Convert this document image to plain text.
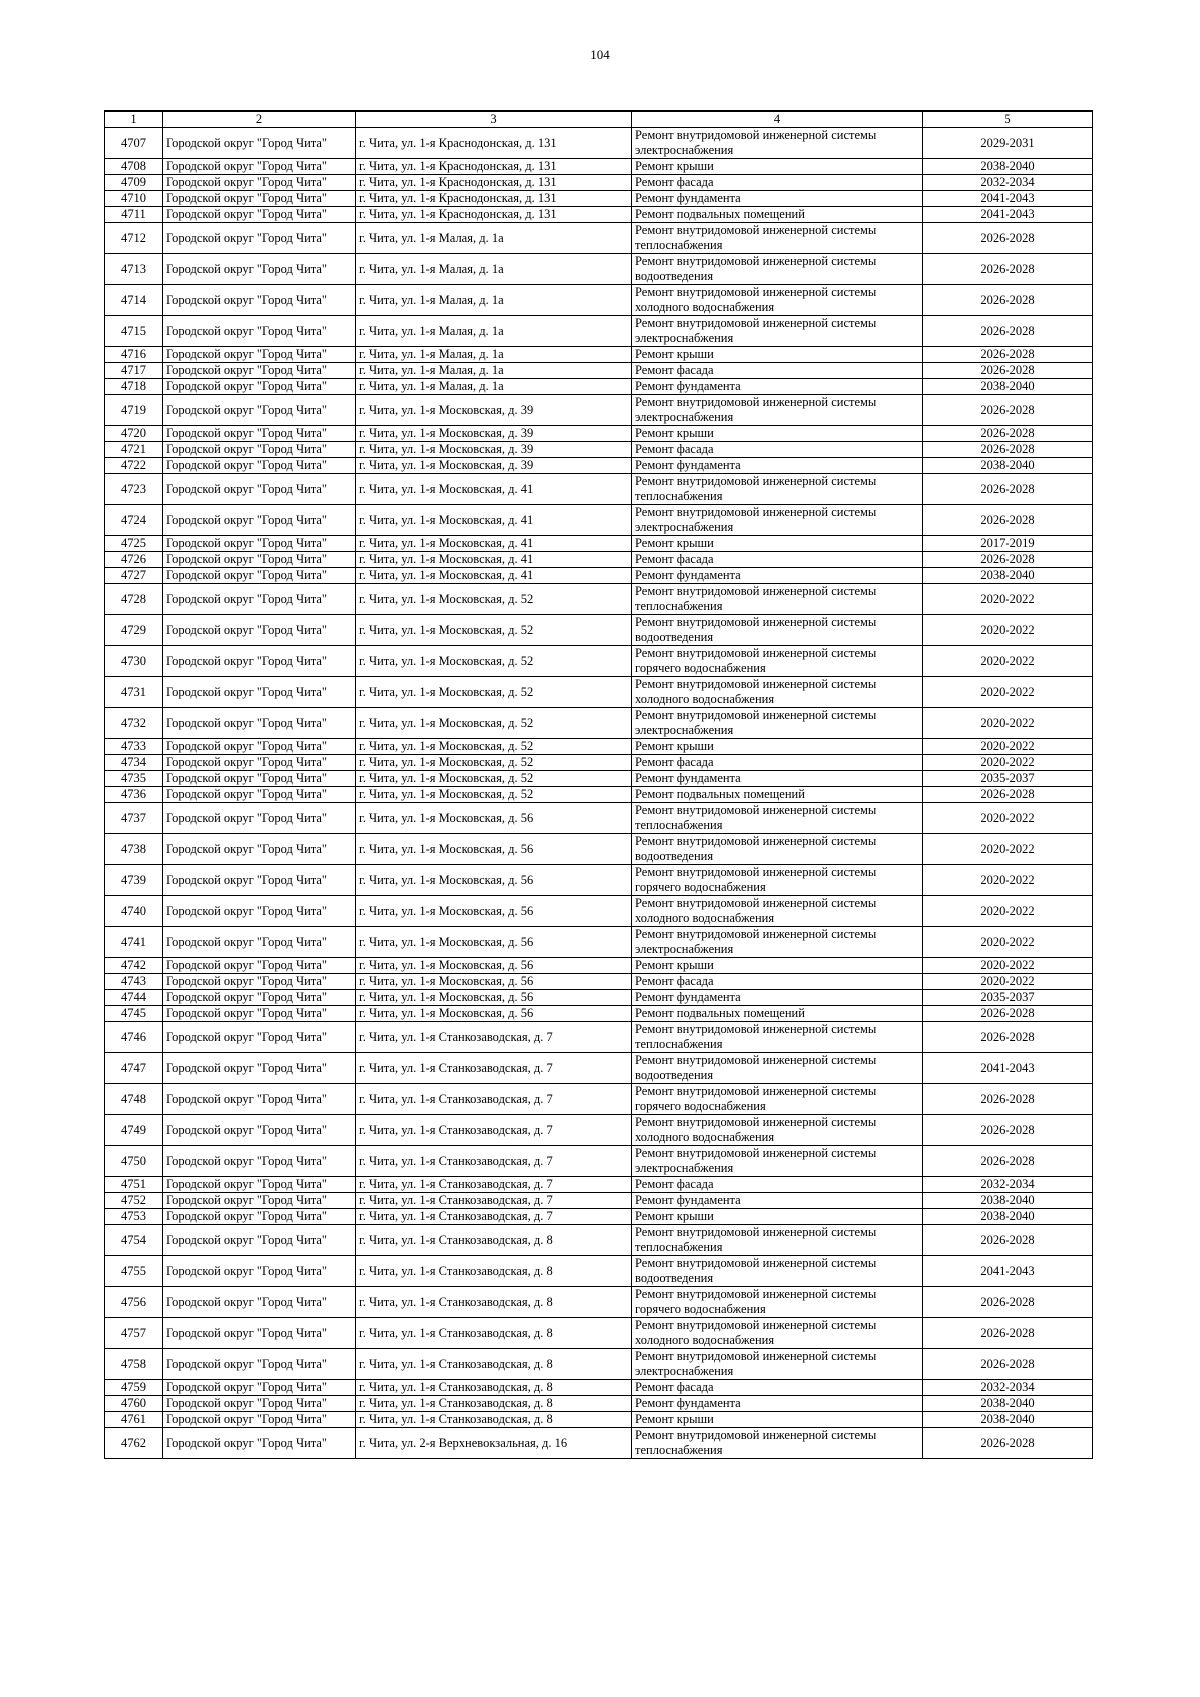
104
1	2	3	4	5
4707	Городской округ "Город Чита"	г. Чита, ул. 1-я Краснодонская, д. 131	Ремонт внутридомовой инженерной системы электроснабжения	2029-2031
4708	Городской округ "Город Чита"	г. Чита, ул. 1-я Краснодонская, д. 131	Ремонт крыши	2038-2040
4709	Городской округ "Город Чита"	г. Чита, ул. 1-я Краснодонская, д. 131	Ремонт фасада	2032-2034
4710	Городской округ "Город Чита"	г. Чита, ул. 1-я Краснодонская, д. 131	Ремонт фундамента	2041-2043
4711	Городской округ "Город Чита"	г. Чита, ул. 1-я Краснодонская, д. 131	Ремонт подвальных помещений	2041-2043
4712	Городской округ "Город Чита"	г. Чита, ул. 1-я Малая, д. 1а	Ремонт внутридомовой инженерной системы теплоснабжения	2026-2028
4713	Городской округ "Город Чита"	г. Чита, ул. 1-я Малая, д. 1а	Ремонт внутридомовой инженерной системы водоотведения	2026-2028
4714	Городской округ "Город Чита"	г. Чита, ул. 1-я Малая, д. 1а	Ремонт внутридомовой инженерной системы холодного водоснабжения	2026-2028
4715	Городской округ "Город Чита"	г. Чита, ул. 1-я Малая, д. 1а	Ремонт внутридомовой инженерной системы электроснабжения	2026-2028
4716	Городской округ "Город Чита"	г. Чита, ул. 1-я Малая, д. 1а	Ремонт крыши	2026-2028
4717	Городской округ "Город Чита"	г. Чита, ул. 1-я Малая, д. 1а	Ремонт фасада	2026-2028
4718	Городской округ "Город Чита"	г. Чита, ул. 1-я Малая, д. 1а	Ремонт фундамента	2038-2040
4719	Городской округ "Город Чита"	г. Чита, ул. 1-я Московская, д. 39	Ремонт внутридомовой инженерной системы электроснабжения	2026-2028
4720	Городской округ "Город Чита"	г. Чита, ул. 1-я Московская, д. 39	Ремонт крыши	2026-2028
4721	Городской округ "Город Чита"	г. Чита, ул. 1-я Московская, д. 39	Ремонт фасада	2026-2028
4722	Городской округ "Город Чита"	г. Чита, ул. 1-я Московская, д. 39	Ремонт фундамента	2038-2040
4723	Городской округ "Город Чита"	г. Чита, ул. 1-я Московская, д. 41	Ремонт внутридомовой инженерной системы теплоснабжения	2026-2028
4724	Городской округ "Город Чита"	г. Чита, ул. 1-я Московская, д. 41	Ремонт внутридомовой инженерной системы электроснабжения	2026-2028
4725	Городской округ "Город Чита"	г. Чита, ул. 1-я Московская, д. 41	Ремонт крыши	2017-2019
4726	Городской округ "Город Чита"	г. Чита, ул. 1-я Московская, д. 41	Ремонт фасада	2026-2028
4727	Городской округ "Город Чита"	г. Чита, ул. 1-я Московская, д. 41	Ремонт фундамента	2038-2040
4728	Городской округ "Город Чита"	г. Чита, ул. 1-я Московская, д. 52	Ремонт внутридомовой инженерной системы теплоснабжения	2020-2022
4729	Городской округ "Город Чита"	г. Чита, ул. 1-я Московская, д. 52	Ремонт внутридомовой инженерной системы водоотведения	2020-2022
4730	Городской округ "Город Чита"	г. Чита, ул. 1-я Московская, д. 52	Ремонт внутридомовой инженерной системы горячего водоснабжения	2020-2022
4731	Городской округ "Город Чита"	г. Чита, ул. 1-я Московская, д. 52	Ремонт внутридомовой инженерной системы холодного водоснабжения	2020-2022
4732	Городской округ "Город Чита"	г. Чита, ул. 1-я Московская, д. 52	Ремонт внутридомовой инженерной системы электроснабжения	2020-2022
4733	Городской округ "Город Чита"	г. Чита, ул. 1-я Московская, д. 52	Ремонт крыши	2020-2022
4734	Городской округ "Город Чита"	г. Чита, ул. 1-я Московская, д. 52	Ремонт фасада	2020-2022
4735	Городской округ "Город Чита"	г. Чита, ул. 1-я Московская, д. 52	Ремонт фундамента	2035-2037
4736	Городской округ "Город Чита"	г. Чита, ул. 1-я Московская, д. 52	Ремонт подвальных помещений	2026-2028
4737	Городской округ "Город Чита"	г. Чита, ул. 1-я Московская, д. 56	Ремонт внутридомовой инженерной системы теплоснабжения	2020-2022
4738	Городской округ "Город Чита"	г. Чита, ул. 1-я Московская, д. 56	Ремонт внутридомовой инженерной системы водоотведения	2020-2022
4739	Городской округ "Город Чита"	г. Чита, ул. 1-я Московская, д. 56	Ремонт внутридомовой инженерной системы горячего водоснабжения	2020-2022
4740	Городской округ "Город Чита"	г. Чита, ул. 1-я Московская, д. 56	Ремонт внутридомовой инженерной системы холодного водоснабжения	2020-2022
4741	Городской округ "Город Чита"	г. Чита, ул. 1-я Московская, д. 56	Ремонт внутридомовой инженерной системы электроснабжения	2020-2022
4742	Городской округ "Город Чита"	г. Чита, ул. 1-я Московская, д. 56	Ремонт крыши	2020-2022
4743	Городской округ "Город Чита"	г. Чита, ул. 1-я Московская, д. 56	Ремонт фасада	2020-2022
4744	Городской округ "Город Чита"	г. Чита, ул. 1-я Московская, д. 56	Ремонт фундамента	2035-2037
4745	Городской округ "Город Чита"	г. Чита, ул. 1-я Московская, д. 56	Ремонт подвальных помещений	2026-2028
4746	Городской округ "Город Чита"	г. Чита, ул. 1-я Станкозаводская, д. 7	Ремонт внутридомовой инженерной системы теплоснабжения	2026-2028
4747	Городской округ "Город Чита"	г. Чита, ул. 1-я Станкозаводская, д. 7	Ремонт внутридомовой инженерной системы водоотведения	2041-2043
4748	Городской округ "Город Чита"	г. Чита, ул. 1-я Станкозаводская, д. 7	Ремонт внутридомовой инженерной системы горячего водоснабжения	2026-2028
4749	Городской округ "Город Чита"	г. Чита, ул. 1-я Станкозаводская, д. 7	Ремонт внутридомовой инженерной системы холодного водоснабжения	2026-2028
4750	Городской округ "Город Чита"	г. Чита, ул. 1-я Станкозаводская, д. 7	Ремонт внутридомовой инженерной системы электроснабжения	2026-2028
4751	Городской округ "Город Чита"	г. Чита, ул. 1-я Станкозаводская, д. 7	Ремонт фасада	2032-2034
4752	Городской округ "Город Чита"	г. Чита, ул. 1-я Станкозаводская, д. 7	Ремонт фундамента	2038-2040
4753	Городской округ "Город Чита"	г. Чита, ул. 1-я Станкозаводская, д. 7	Ремонт крыши	2038-2040
4754	Городской округ "Город Чита"	г. Чита, ул. 1-я Станкозаводская, д. 8	Ремонт внутридомовой инженерной системы теплоснабжения	2026-2028
4755	Городской округ "Город Чита"	г. Чита, ул. 1-я Станкозаводская, д. 8	Ремонт внутридомовой инженерной системы водоотведения	2041-2043
4756	Городской округ "Город Чита"	г. Чита, ул. 1-я Станкозаводская, д. 8	Ремонт внутридомовой инженерной системы горячего водоснабжения	2026-2028
4757	Городской округ "Город Чита"	г. Чита, ул. 1-я Станкозаводская, д. 8	Ремонт внутридомовой инженерной системы холодного водоснабжения	2026-2028
4758	Городской округ "Город Чита"	г. Чита, ул. 1-я Станкозаводская, д. 8	Ремонт внутридомовой инженерной системы электроснабжения	2026-2028
4759	Городской округ "Город Чита"	г. Чита, ул. 1-я Станкозаводская, д. 8	Ремонт фасада	2032-2034
4760	Городской округ "Город Чита"	г. Чита, ул. 1-я Станкозаводская, д. 8	Ремонт фундамента	2038-2040
4761	Городской округ "Город Чита"	г. Чита, ул. 1-я Станкозаводская, д. 8	Ремонт крыши	2038-2040
4762	Городской округ "Город Чита"	г. Чита, ул. 2-я Верхневокзальная, д. 16	Ремонт внутридомовой инженерной системы теплоснабжения	2026-2028
